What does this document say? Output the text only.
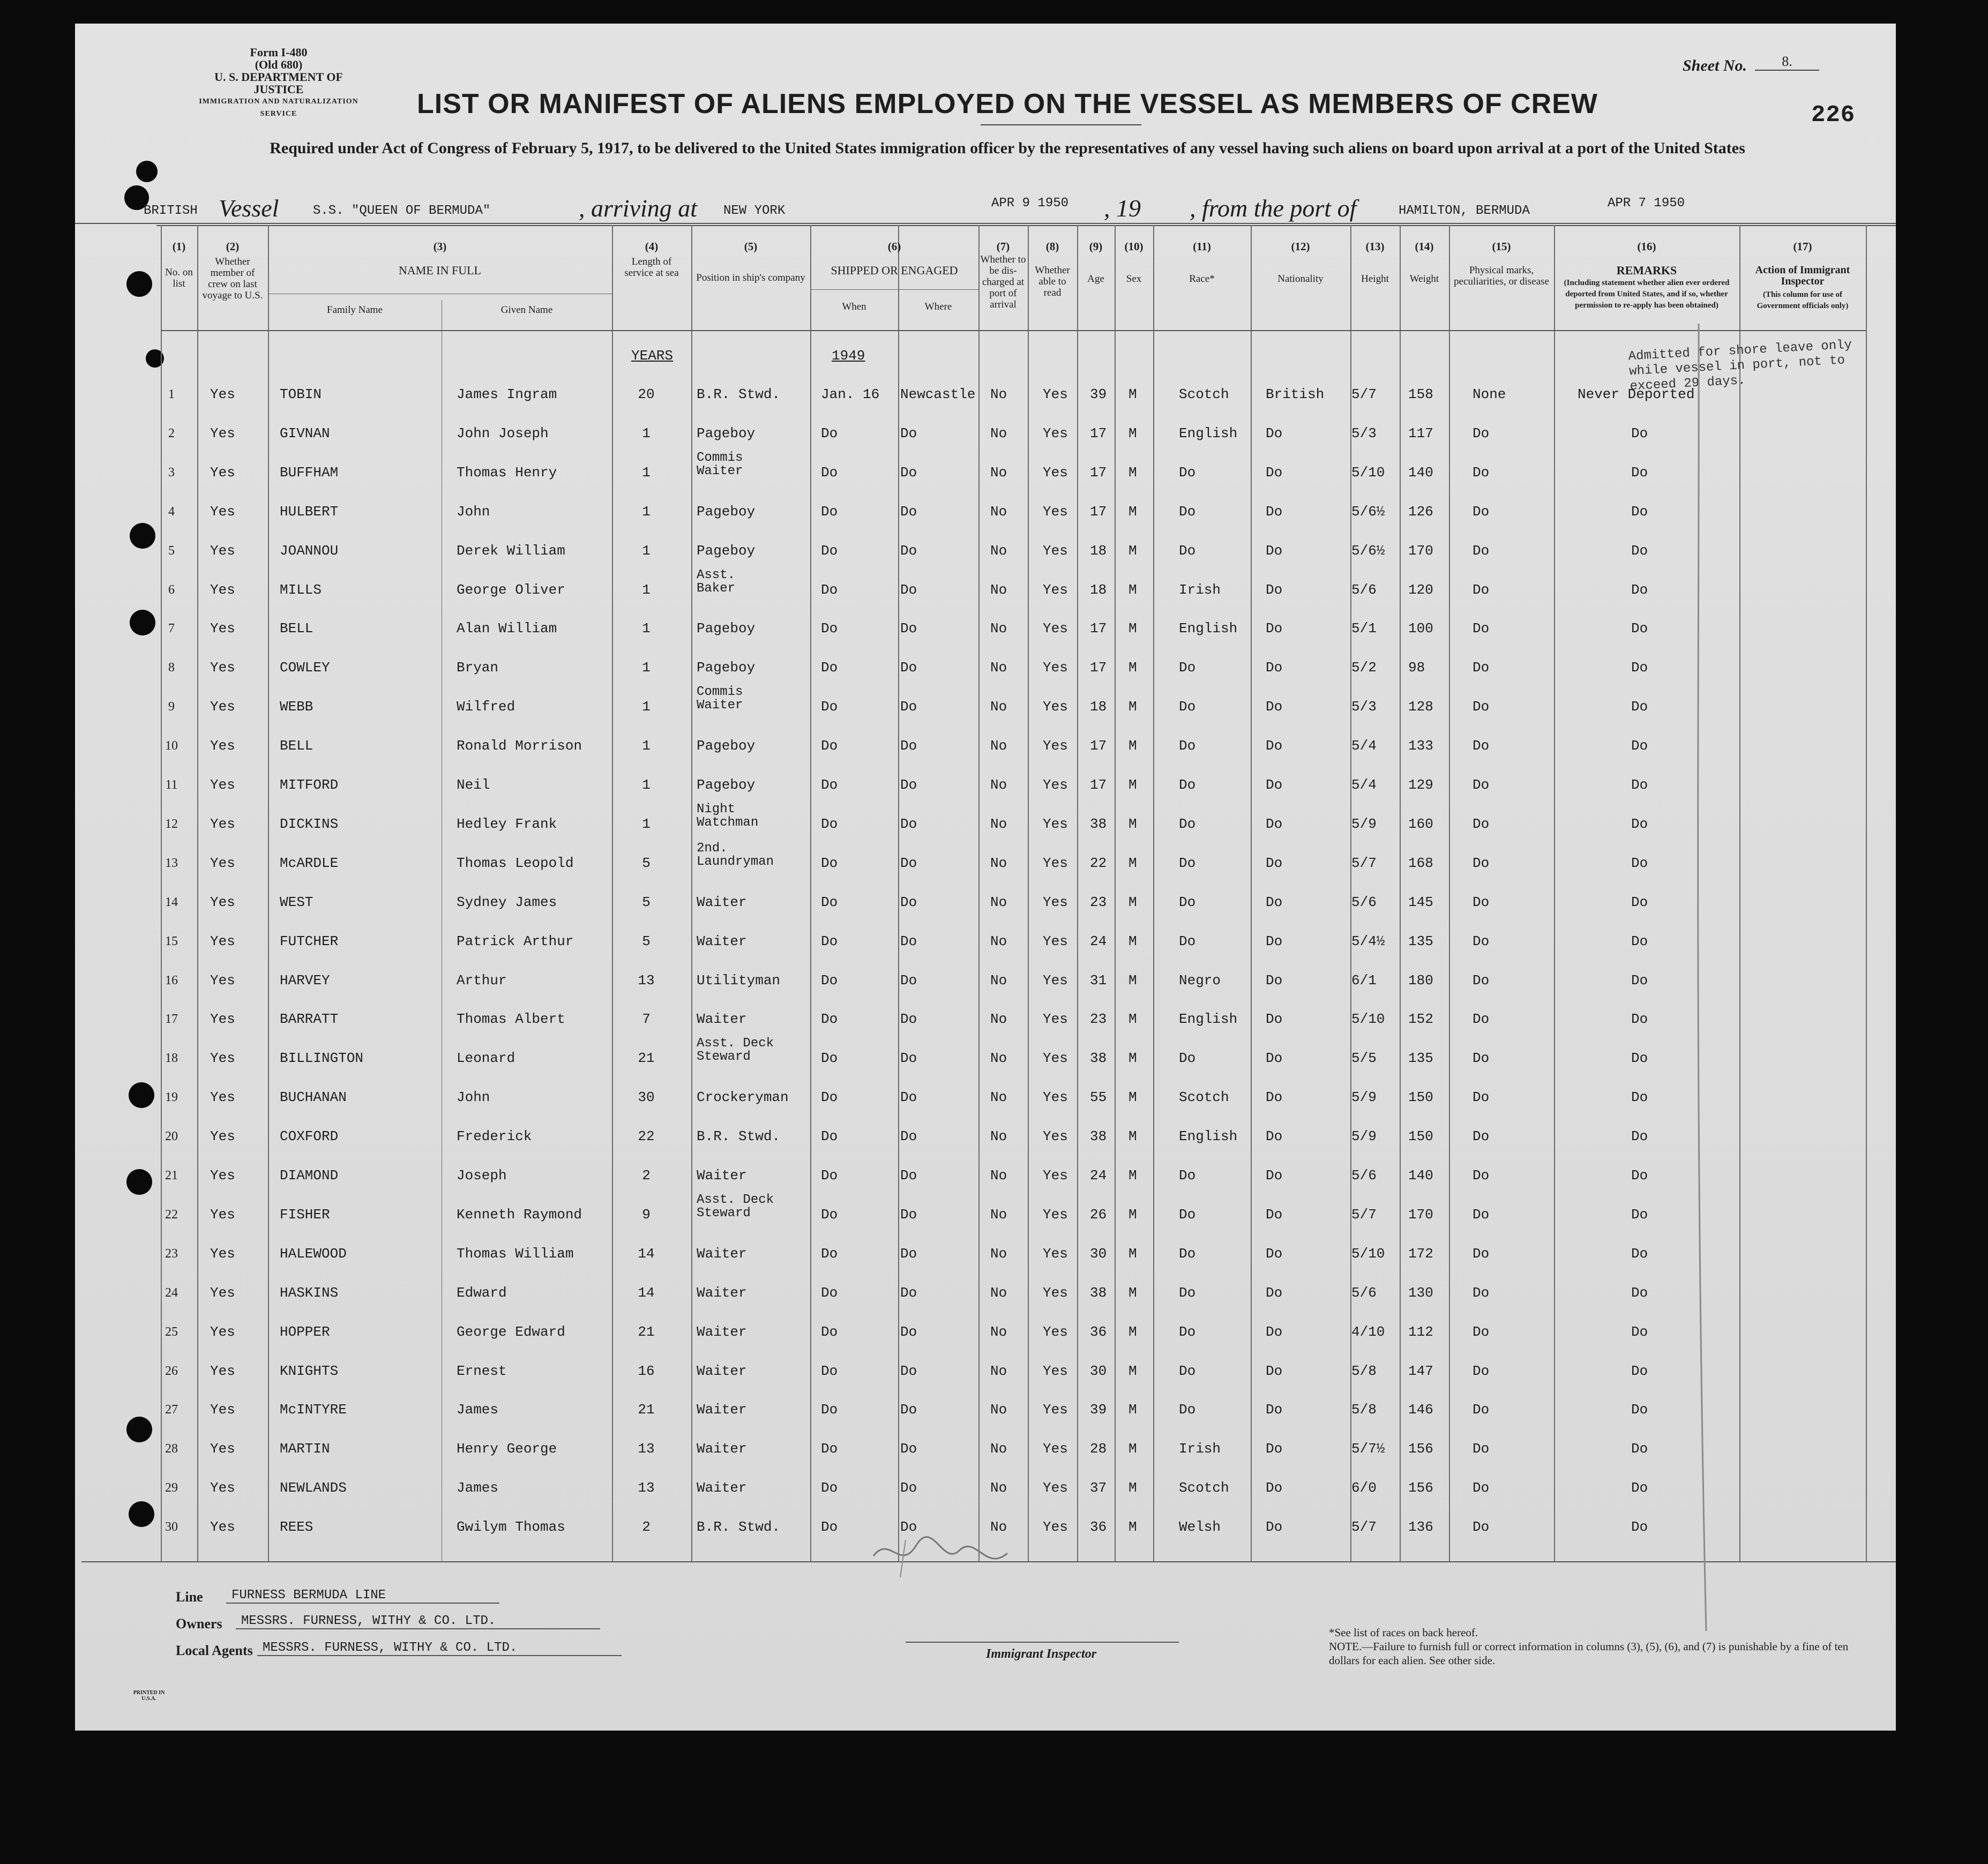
Form I-480
(Old 680)
U. S. DEPARTMENT OF JUSTICE
IMMIGRATION AND NATURALIZATION SERVICE
Sheet No.	8.
226
LIST OR MANIFEST OF ALIENS EMPLOYED ON THE VESSEL AS MEMBERS OF CREW
Required under Act of Congress of February 5, 1917, to be delivered to the United States immigration officer by the representatives of any vessel having such aliens on board upon arrival at a port of the United States
BRITISH Vessel	S.S. "QUEEN OF BERMUDA"	, arriving at NEW YORK
APR 9 1950 , 19 , from the port of	HAMILTON, BERMUDA
APR 7 1950
(1)	(2)	(3)	(4)	(5)	(6)	(7)	(8)	(9)	(10)	(11)	(12)	(13)	(14)	(15)	(16)	(17)
No. on list
Whether member of crew on last voyage to U.S.
NAME IN FULL
Family Name	Given Name
Length of service at sea Position in ship's company
SHIPPED OR ENGAGED
When	Where
Whether to be dis-charged at port of arrival
Whether able to read
Age	Sex	Race*	Nationality	Height	Weight
Physical marks, peculiarities, or disease
REMARKS
(Including statement whether alien ever ordered deported from United States, and if so, whether permission to re-apply has been obtained)
Action of Immigrant Inspector
(This column for use of Government officials only)
YEARS	1949	Admitted for shore leave only while vessel in port, not to exceed 29 days.
1	Yes	TOBIN	James Ingram	20	B.R. Stwd.	Jan. 16 Newcastle No	Yes 39 M	Scotch	British 5/7 158	None	Never Deported
2	Yes	GIVNAN	John Joseph	1	Pageboy	Do	Do	No	Yes 17 M	English Do	5/3 117	Do	Do
3	Yes	BUFFHAM	Thomas Henry	1
Commis
Waiter	Do	Do	No	Yes 17 M	Do	Do	5/10 140	Do	Do
4	Yes	HULBERT	John	1	Pageboy	Do	Do	No	Yes 17 M	Do	Do	5/6½ 126	Do	Do
5	Yes	JOANNOU	Derek William	1	Pageboy	Do	Do	No	Yes 18 M	Do	Do	5/6½ 170	Do	Do
6	Yes	MILLS	George Oliver	1
Asst.
Baker	Do	Do	No	Yes 18 M	Irish	Do	5/6 120	Do	Do
7	Yes	BELL	Alan William	1	Pageboy	Do	Do	No	Yes 17 M	English Do	5/1 100	Do	Do
8	Yes	COWLEY	Bryan	1	Pageboy	Do	Do	No	Yes 17 M	Do	Do	5/2 98	Do	Do
9	Yes	WEBB	Wilfred	1
Commis
Waiter	Do	Do	No	Yes 18 M	Do	Do	5/3 128	Do	Do
10	Yes	BELL	Ronald Morrison	1	Pageboy	Do	Do	No	Yes 17 M	Do	Do	5/4 133	Do	Do
11	Yes	MITFORD	Neil	1	Pageboy	Do	Do	No	Yes 17 M	Do	Do	5/4 129	Do	Do
12	Yes	DICKINS	Hedley Frank	1
Night
Watchman	Do	Do	No	Yes 38 M	Do	Do	5/9 160	Do	Do
13	Yes	McARDLE	Thomas Leopold	5
2nd.
Laundryman	Do	Do	No	Yes 22 M	Do	Do	5/7 168	Do	Do
14	Yes	WEST	Sydney James	5	Waiter	Do	Do	No	Yes 23 M	Do	Do	5/6 145	Do	Do
15	Yes	FUTCHER	Patrick Arthur	5	Waiter	Do	Do	No	Yes 24 M	Do	Do	5/4½ 135	Do	Do
16	Yes	HARVEY	Arthur	13	Utilityman	Do	Do	No	Yes 31 M	Negro	Do	6/1 180	Do	Do
17	Yes	BARRATT	Thomas Albert	7	Waiter	Do	Do	No	Yes 23 M	English Do	5/10 152	Do	Do
18	Yes	BILLINGTON	Leonard	21
Asst. Deck
Steward	Do	Do	No	Yes 38 M	Do	Do	5/5 135	Do	Do
19	Yes	BUCHANAN	John	30	Crockeryman Do	Do	No	Yes 55 M	Scotch	Do	5/9 150	Do	Do
20	Yes	COXFORD	Frederick	22	B.R. Stwd.	Do	Do	No	Yes 38 M	English Do	5/9 150	Do	Do
21	Yes	DIAMOND	Joseph	2	Waiter	Do	Do	No	Yes 24 M	Do	Do	5/6 140	Do	Do
22	Yes	FISHER	Kenneth Raymond	9
Asst. Deck
Steward	Do	Do	No	Yes 26 M	Do	Do	5/7 170	Do	Do
23	Yes	HALEWOOD	Thomas William	14	Waiter	Do	Do	No	Yes 30 M	Do	Do	5/10 172	Do	Do
24	Yes	HASKINS	Edward	14	Waiter	Do	Do	No	Yes 38 M	Do	Do	5/6 130	Do	Do
25	Yes	HOPPER	George Edward	21	Waiter	Do	Do	No	Yes 36 M	Do	Do	4/10 112	Do	Do
26	Yes	KNIGHTS	Ernest	16	Waiter	Do	Do	No	Yes 30 M	Do	Do	5/8 147	Do	Do
27	Yes	McINTYRE	James	21	Waiter	Do	Do	No	Yes 39 M	Do	Do	5/8 146	Do	Do
28	Yes	MARTIN	Henry George	13	Waiter	Do	Do	No	Yes 28 M	Irish	Do	5/7½ 156	Do	Do
29	Yes	NEWLANDS	James	13	Waiter	Do	Do	No	Yes 37 M	Scotch	Do	6/0 156	Do	Do
30	Yes	REES	Gwilym Thomas	2	B.R. Stwd.	Do	Do	No	Yes 36 M	Welsh	Do	5/7 136	Do	Do
Line	FURNESS BERMUDA LINE
Owners	MESSRS. FURNESS, WITHY & CO. LTD.
Local Agents MESSRS. FURNESS, WITHY & CO. LTD.	Immigrant Inspector
*See list of races on back hereof.
NOTE.—Failure to furnish full or correct information in columns (3), (5), (6), and (7) is punishable by a fine of ten dollars for each alien. See other side.
PRINTED IN U.S.A.
